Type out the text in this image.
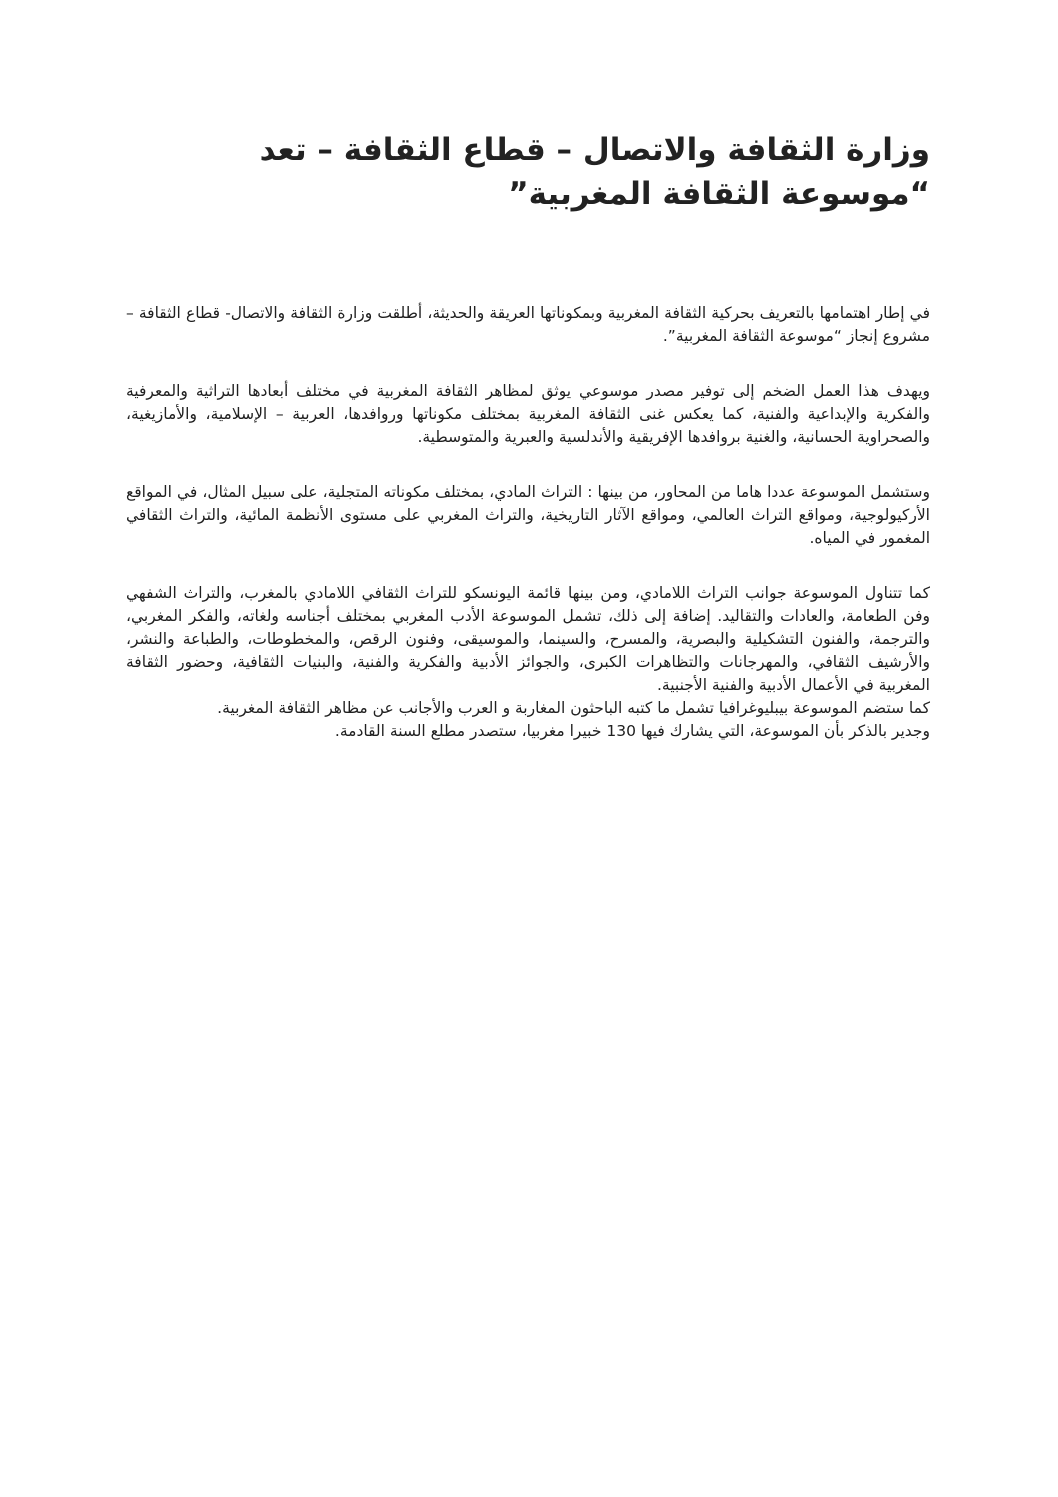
وزارة الثقافة والاتصال – قطاع الثقافة – تعد “موسوعة الثقافة المغربية”

في إطار اهتمامها بالتعريف بحركية الثقافة المغربية وبمكوناتها العريقة والحديثة، أطلقت وزارة الثقافة والاتصال- قطاع الثقافة – مشروع إنجاز “موسوعة الثقافة المغربية”.

ويهدف هذا العمل الضخم إلى توفير مصدر موسوعي يوثق لمظاهر الثقافة المغربية في مختلف أبعادها التراثية والمعرفية والفكرية والإبداعية والفنية، كما يعكس غنى الثقافة المغربية بمختلف مكوناتها وروافدها، العربية – الإسلامية، والأمازيغية، والصحراوية الحسانية، والغنية بروافدها الإفريقية والأندلسية والعبرية والمتوسطية.

وستشمل الموسوعة عددا هاما من المحاور، من بينها : التراث المادي، بمختلف مكوناته المتجلية، على سبيل المثال، في المواقع الأركيولوجية، ومواقع التراث العالمي، ومواقع الآثار التاريخية، والتراث المغربي على مستوى الأنظمة المائية، والتراث الثقافي المغمور في المياه.

كما تتناول الموسوعة جوانب التراث اللامادي، ومن بينها قائمة اليونسكو للتراث الثقافي اللامادي بالمغرب، والتراث الشفهي وفن الطعامة، والعادات والتقاليد. إضافة إلى ذلك، تشمل الموسوعة الأدب المغربي بمختلف أجناسه ولغاته، والفكر المغربي، والترجمة، والفنون التشكيلية والبصرية، والمسرح، والسينما، والموسيقى، وفنون الرقص، والمخطوطات، والطباعة والنشر، والأرشيف الثقافي، والمهرجانات والتظاهرات الكبرى، والجوائز الأدبية والفكرية والفنية، والبنيات الثقافية، وحضور الثقافة المغربية في الأعمال الأدبية والفنية الأجنبية.

كما ستضم الموسوعة بيبليوغرافيا تشمل ما كتبه الباحثون المغاربة و العرب والأجانب عن مظاهر الثقافة المغربية.

وجدير بالذكر بأن الموسوعة، التي يشارك فيها 130 خبيرا مغربيا، ستصدر مطلع السنة القادمة.
